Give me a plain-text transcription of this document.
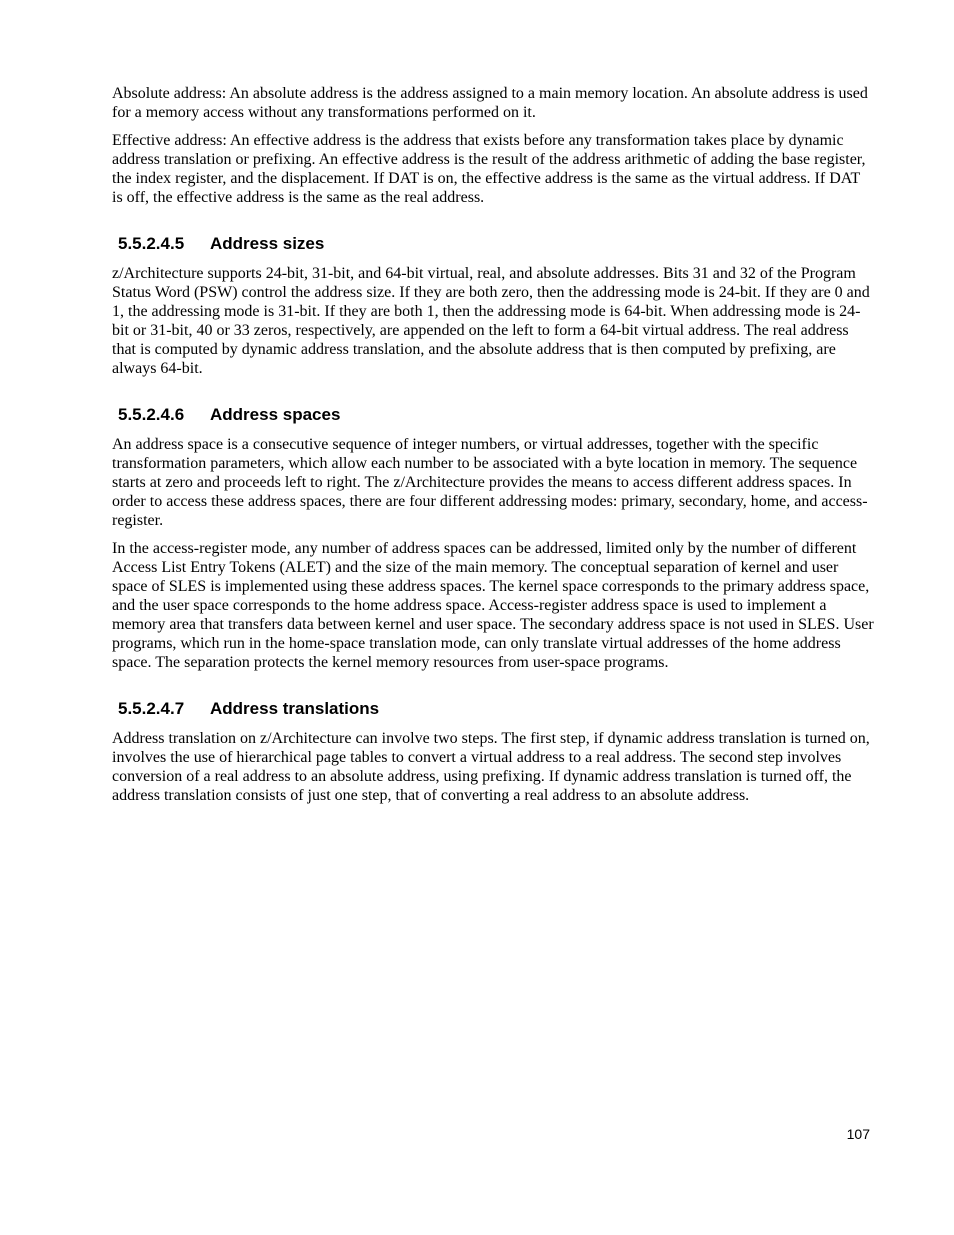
Absolute address: An absolute address is the address assigned to a main memory location. An absolute address is used for a memory access without any transformations performed on it.

Effective address: An effective address is the address that exists before any transformation takes place by dynamic address translation or prefixing. An effective address is the result of the address arithmetic of adding the base register, the index register, and the displacement. If DAT is on, the effective address is the same as the virtual address. If DAT is off, the effective address is the same as the real address.

5.5.2.4.5	Address sizes

z/Architecture supports 24-bit, 31-bit, and 64-bit virtual, real, and absolute addresses. Bits 31 and 32 of the Program Status Word (PSW) control the address size. If they are both zero, then the addressing mode is 24-bit. If they are 0 and 1, the addressing mode is 31-bit. If they are both 1, then the addressing mode is 64-bit. When addressing mode is 24-bit or 31-bit, 40 or 33 zeros, respectively, are appended on the left to form a 64-bit virtual address. The real address that is computed by dynamic address translation, and the absolute address that is then computed by prefixing, are always 64-bit.

5.5.2.4.6	Address spaces

An address space is a consecutive sequence of integer numbers, or virtual addresses, together with the specific transformation parameters, which allow each number to be associated with a byte location in memory. The sequence starts at zero and proceeds left to right. The z/Architecture provides the means to access different address spaces. In order to access these address spaces, there are four different addressing modes: primary, secondary, home, and access-register.

In the access-register mode, any number of address spaces can be addressed, limited only by the number of different Access List Entry Tokens (ALET) and the size of the main memory. The conceptual separation of kernel and user space of SLES is implemented using these address spaces. The kernel space corresponds to the primary address space, and the user space corresponds to the home address space. Access-register address space is used to implement a memory area that transfers data between kernel and user space. The secondary address space is not used in SLES. User programs, which run in the home-space translation mode, can only translate virtual addresses of the home address space. The separation protects the kernel memory resources from user-space programs.

5.5.2.4.7	Address translations

Address translation on z/Architecture can involve two steps. The first step, if dynamic address translation is turned on, involves the use of hierarchical page tables to convert a virtual address to a real address. The second step involves conversion of a real address to an absolute address, using prefixing. If dynamic address translation is turned off, the address translation consists of just one step, that of converting a real address to an absolute address.

107
